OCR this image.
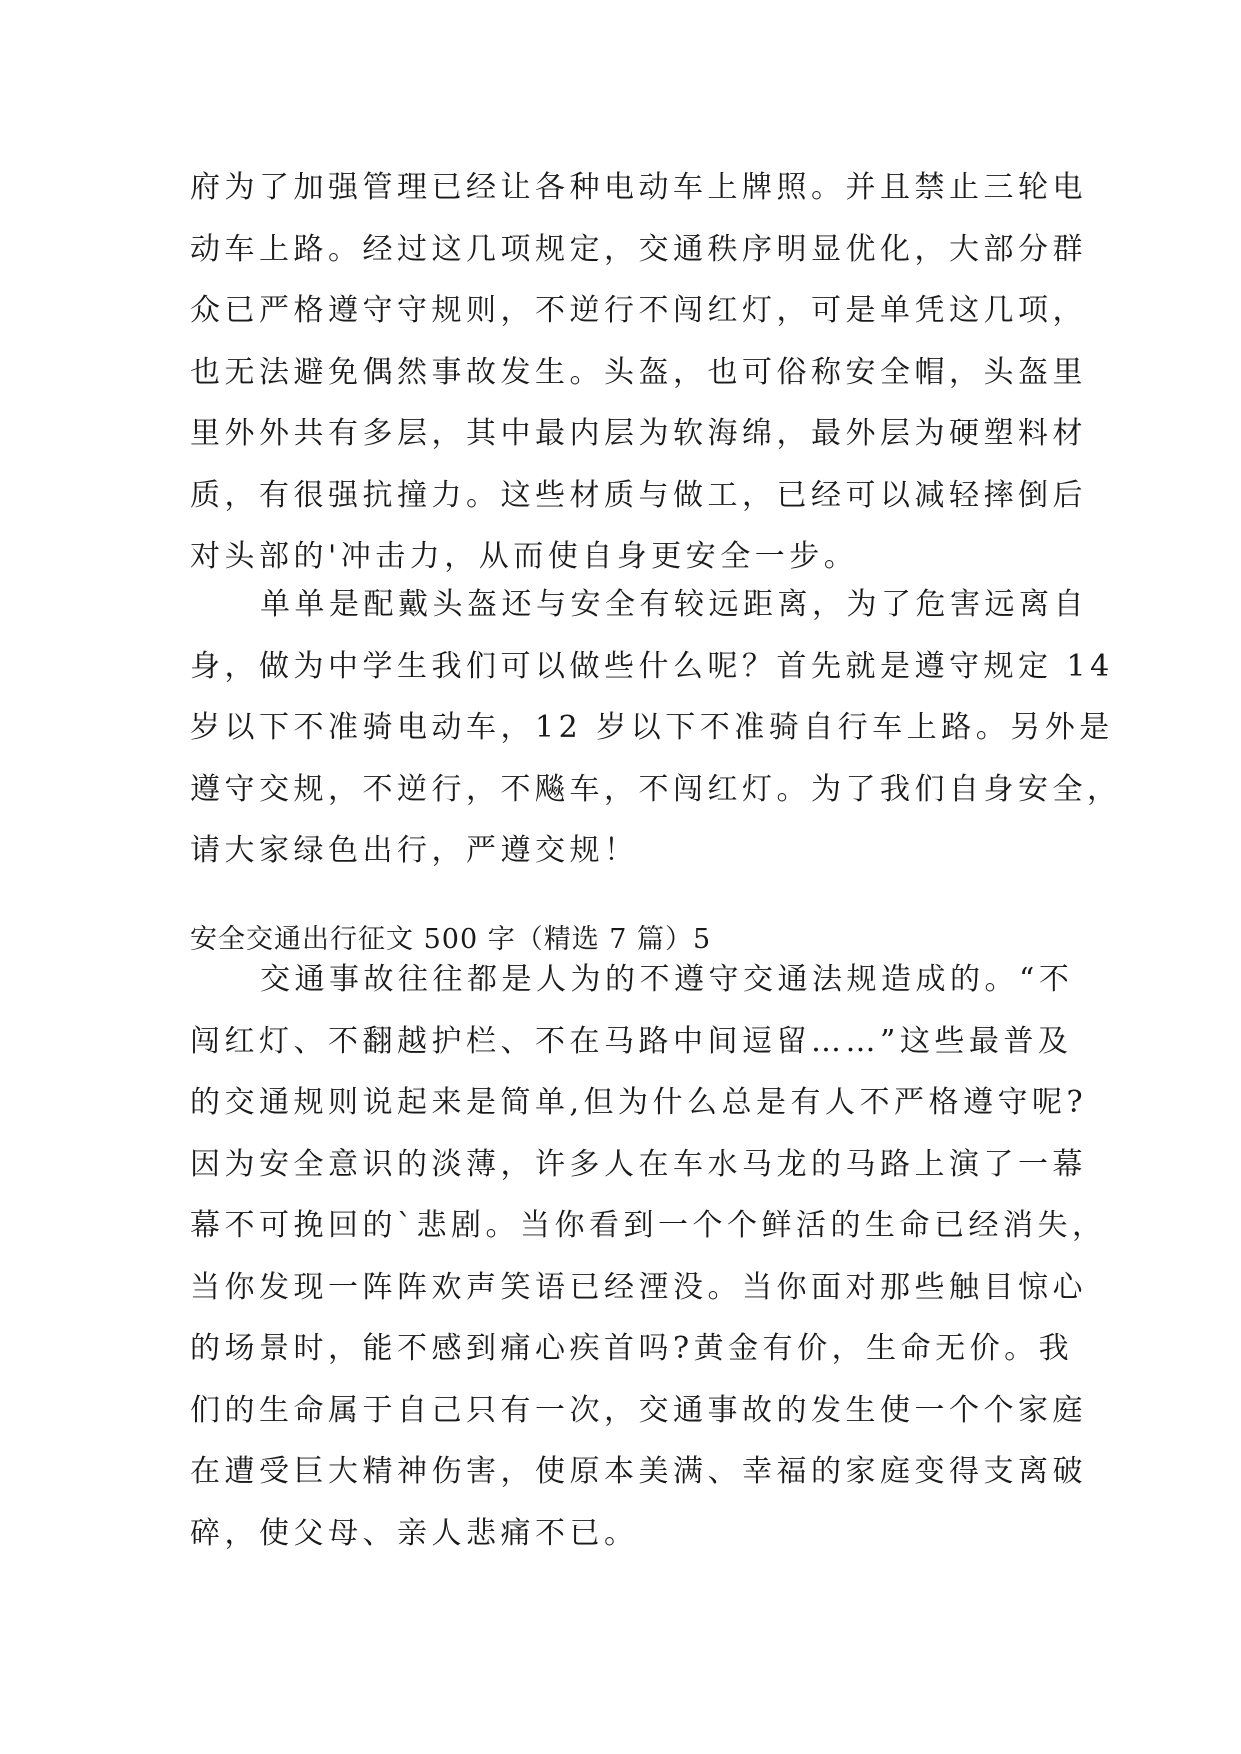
府为了加强管理已经让各种电动车上牌照。并且禁止三轮电
动车上路。经过这几项规定，交通秩序明显优化，大部分群
众已严格遵守守规则，不逆行不闯红灯，可是单凭这几项，
也无法避免偶然事故发生。头盔，也可俗称安全帽，头盔里
里外外共有多层，其中最内层为软海绵，最外层为硬塑料材
质，有很强抗撞力。这些材质与做工，已经可以减轻摔倒后
对头部的'冲击力，从而使自身更安全一步。
单单是配戴头盔还与安全有较远距离，为了危害远离自
身，做为中学生我们可以做些什么呢？首先就是遵守规定 14
岁以下不准骑电动车，12 岁以下不准骑自行车上路。另外是
遵守交规，不逆行，不飚车，不闯红灯。为了我们自身安全，
请大家绿色出行，严遵交规！
安全交通出行征文 500 字（精选 7 篇）5
交通事故往往都是人为的不遵守交通法规造成的。“不
闯红灯、不翻越护栏、不在马路中间逗留……”这些最普及
的交通规则说起来是简单,但为什么总是有人不严格遵守呢?
因为安全意识的淡薄，许多人在车水马龙的马路上演了一幕
幕不可挽回的`悲剧。当你看到一个个鲜活的生命已经消失，
当你发现一阵阵欢声笑语已经湮没。当你面对那些触目惊心
的场景时，能不感到痛心疾首吗?黄金有价，生命无价。我
们的生命属于自己只有一次，交通事故的发生使一个个家庭
在遭受巨大精神伤害，使原本美满、幸福的家庭变得支离破
碎，使父母、亲人悲痛不已。
